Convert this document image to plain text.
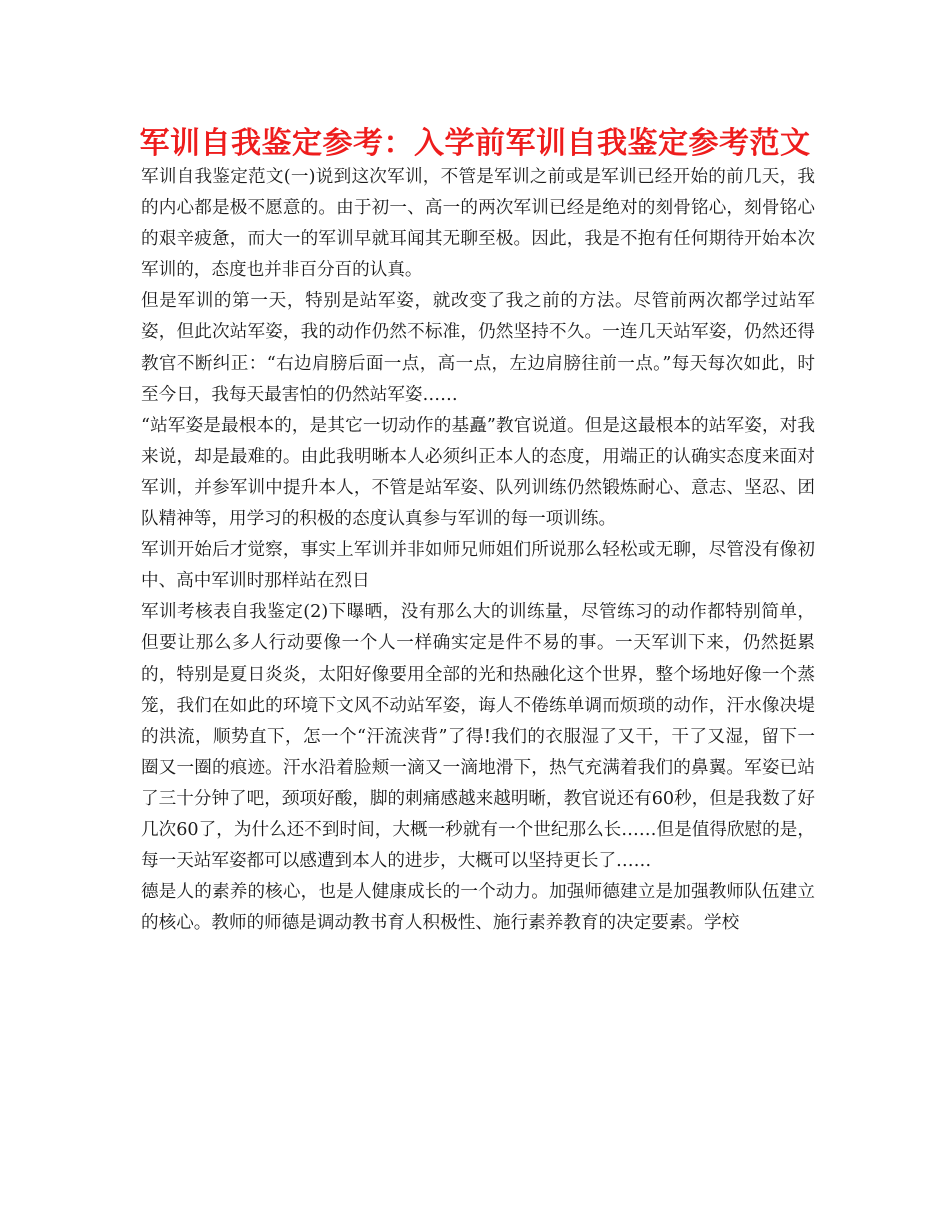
军训自我鉴定参考：入学前军训自我鉴定参考范文

军训自我鉴定范文(一)说到这次军训，不管是军训之前或是军训已经开始的前几天，我的内心都是极不愿意的。由于初一、高一的两次军训已经是绝对的刻骨铭心，刻骨铭心的艰辛疲惫，而大一的军训早就耳闻其无聊至极。因此，我是不抱有任何期待开始本次军训的，态度也并非百分百的认真。

但是军训的第一天，特别是站军姿，就改变了我之前的方法。尽管前两次都学过站军姿，但此次站军姿，我的动作仍然不标准，仍然坚持不久。一连几天站军姿，仍然还得教官不断纠正：“右边肩膀后面一点，高一点，左边肩膀往前一点。”每天每次如此，时至今日，我每天最害怕的仍然站军姿……

“站军姿是最根本的，是其它一切动作的基矗”教官说道。但是这最根本的站军姿，对我来说，却是最难的。由此我明晰本人必须纠正本人的态度，用端正的认确实态度来面对军训，并参军训中提升本人，不管是站军姿、队列训练仍然锻炼耐心、意志、坚忍、团队精神等，用学习的积极的态度认真参与军训的每一项训练。

军训开始后才觉察，事实上军训并非如师兄师姐们所说那么轻松或无聊，尽管没有像初中、高中军训时那样站在烈日

军训考核表自我鉴定(2)下曝晒，没有那么大的训练量，尽管练习的动作都特别简单，但要让那么多人行动要像一个人一样确实定是件不易的事。一天军训下来，仍然挺累的，特别是夏日炎炎，太阳好像要用全部的光和热融化这个世界，整个场地好像一个蒸笼，我们在如此的环境下文风不动站军姿，诲人不倦练单调而烦琐的动作，汗水像决堤的洪流，顺势直下，怎一个“汗流浃背”了得!我们的衣服湿了又干，干了又湿，留下一圈又一圈的痕迹。汗水沿着脸颊一滴又一滴地滑下，热气充满着我们的鼻翼。军姿已站了三十分钟了吧，颈项好酸，脚的刺痛感越来越明晰，教官说还有60秒，但是我数了好几次60了，为什么还不到时间，大概一秒就有一个世纪那么长……但是值得欣慰的是，每一天站军姿都可以感遭到本人的进步，大概可以坚持更长了……

德是人的素养的核心，也是人健康成长的一个动力。加强师德建立是加强教师队伍建立的核心。教师的师德是调动教书育人积极性、施行素养教育的决定要素。学校
